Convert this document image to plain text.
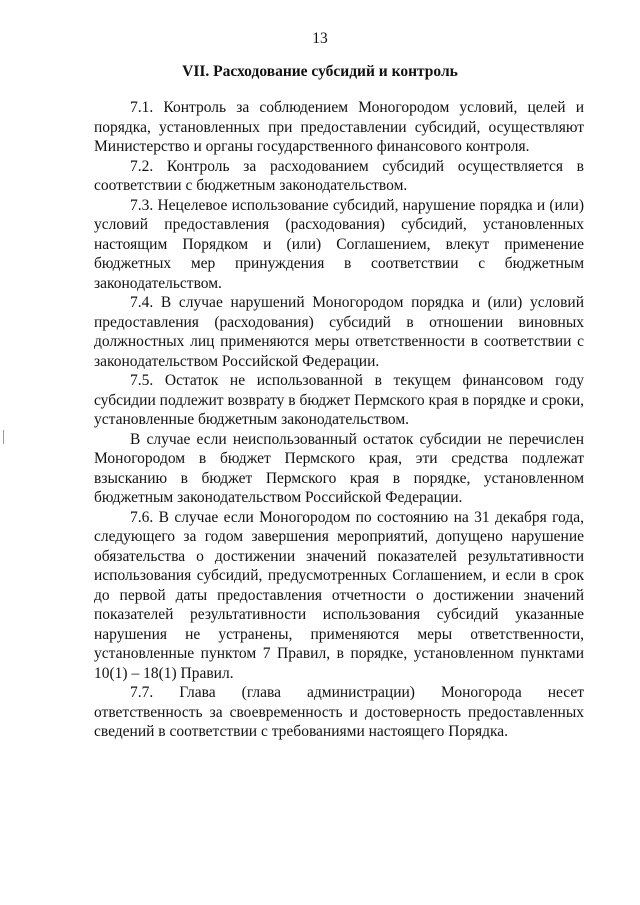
13
VII. Расходование субсидий и контроль

7.1. Контроль за соблюдением Моногородом условий, целей и порядка, установленных при предоставлении субсидий, осуществляют Министерство и органы государственного финансового контроля.

7.2. Контроль за расходованием субсидий осуществляется в соответствии с бюджетным законодательством.

7.3. Нецелевое использование субсидий, нарушение порядка и (или) условий предоставления (расходования) субсидий, установленных настоящим Порядком и (или) Соглашением, влекут применение бюджетных мер принуждения в соответствии с бюджетным законодательством.

7.4. В случае нарушений Моногородом порядка и (или) условий предоставления (расходования) субсидий в отношении виновных должностных лиц применяются меры ответственности в соответствии с законодательством Российской Федерации.

7.5. Остаток не использованной в текущем финансовом году субсидии подлежит возврату в бюджет Пермского края в порядке и сроки, установленные бюджетным законодательством.

В случае если неиспользованный остаток субсидии не перечислен Моногородом в бюджет Пермского края, эти средства подлежат взысканию в бюджет Пермского края в порядке, установленном бюджетным законодательством Российской Федерации.

7.6. В случае если Моногородом по состоянию на 31 декабря года, следующего за годом завершения мероприятий, допущено нарушение обязательства о достижении значений показателей результативности использования субсидий, предусмотренных Соглашением, и если в срок до первой даты предоставления отчетности о достижении значений показателей результативности использования субсидий указанные нарушения не устранены, применяются меры ответственности, установленные пунктом 7 Правил, в порядке, установленном пунктами 10(1) – 18(1) Правил.

7.7. Глава (глава администрации) Моногорода несет ответственность за своевременность и достоверность предоставленных сведений в соответствии с требованиями настоящего Порядка.
